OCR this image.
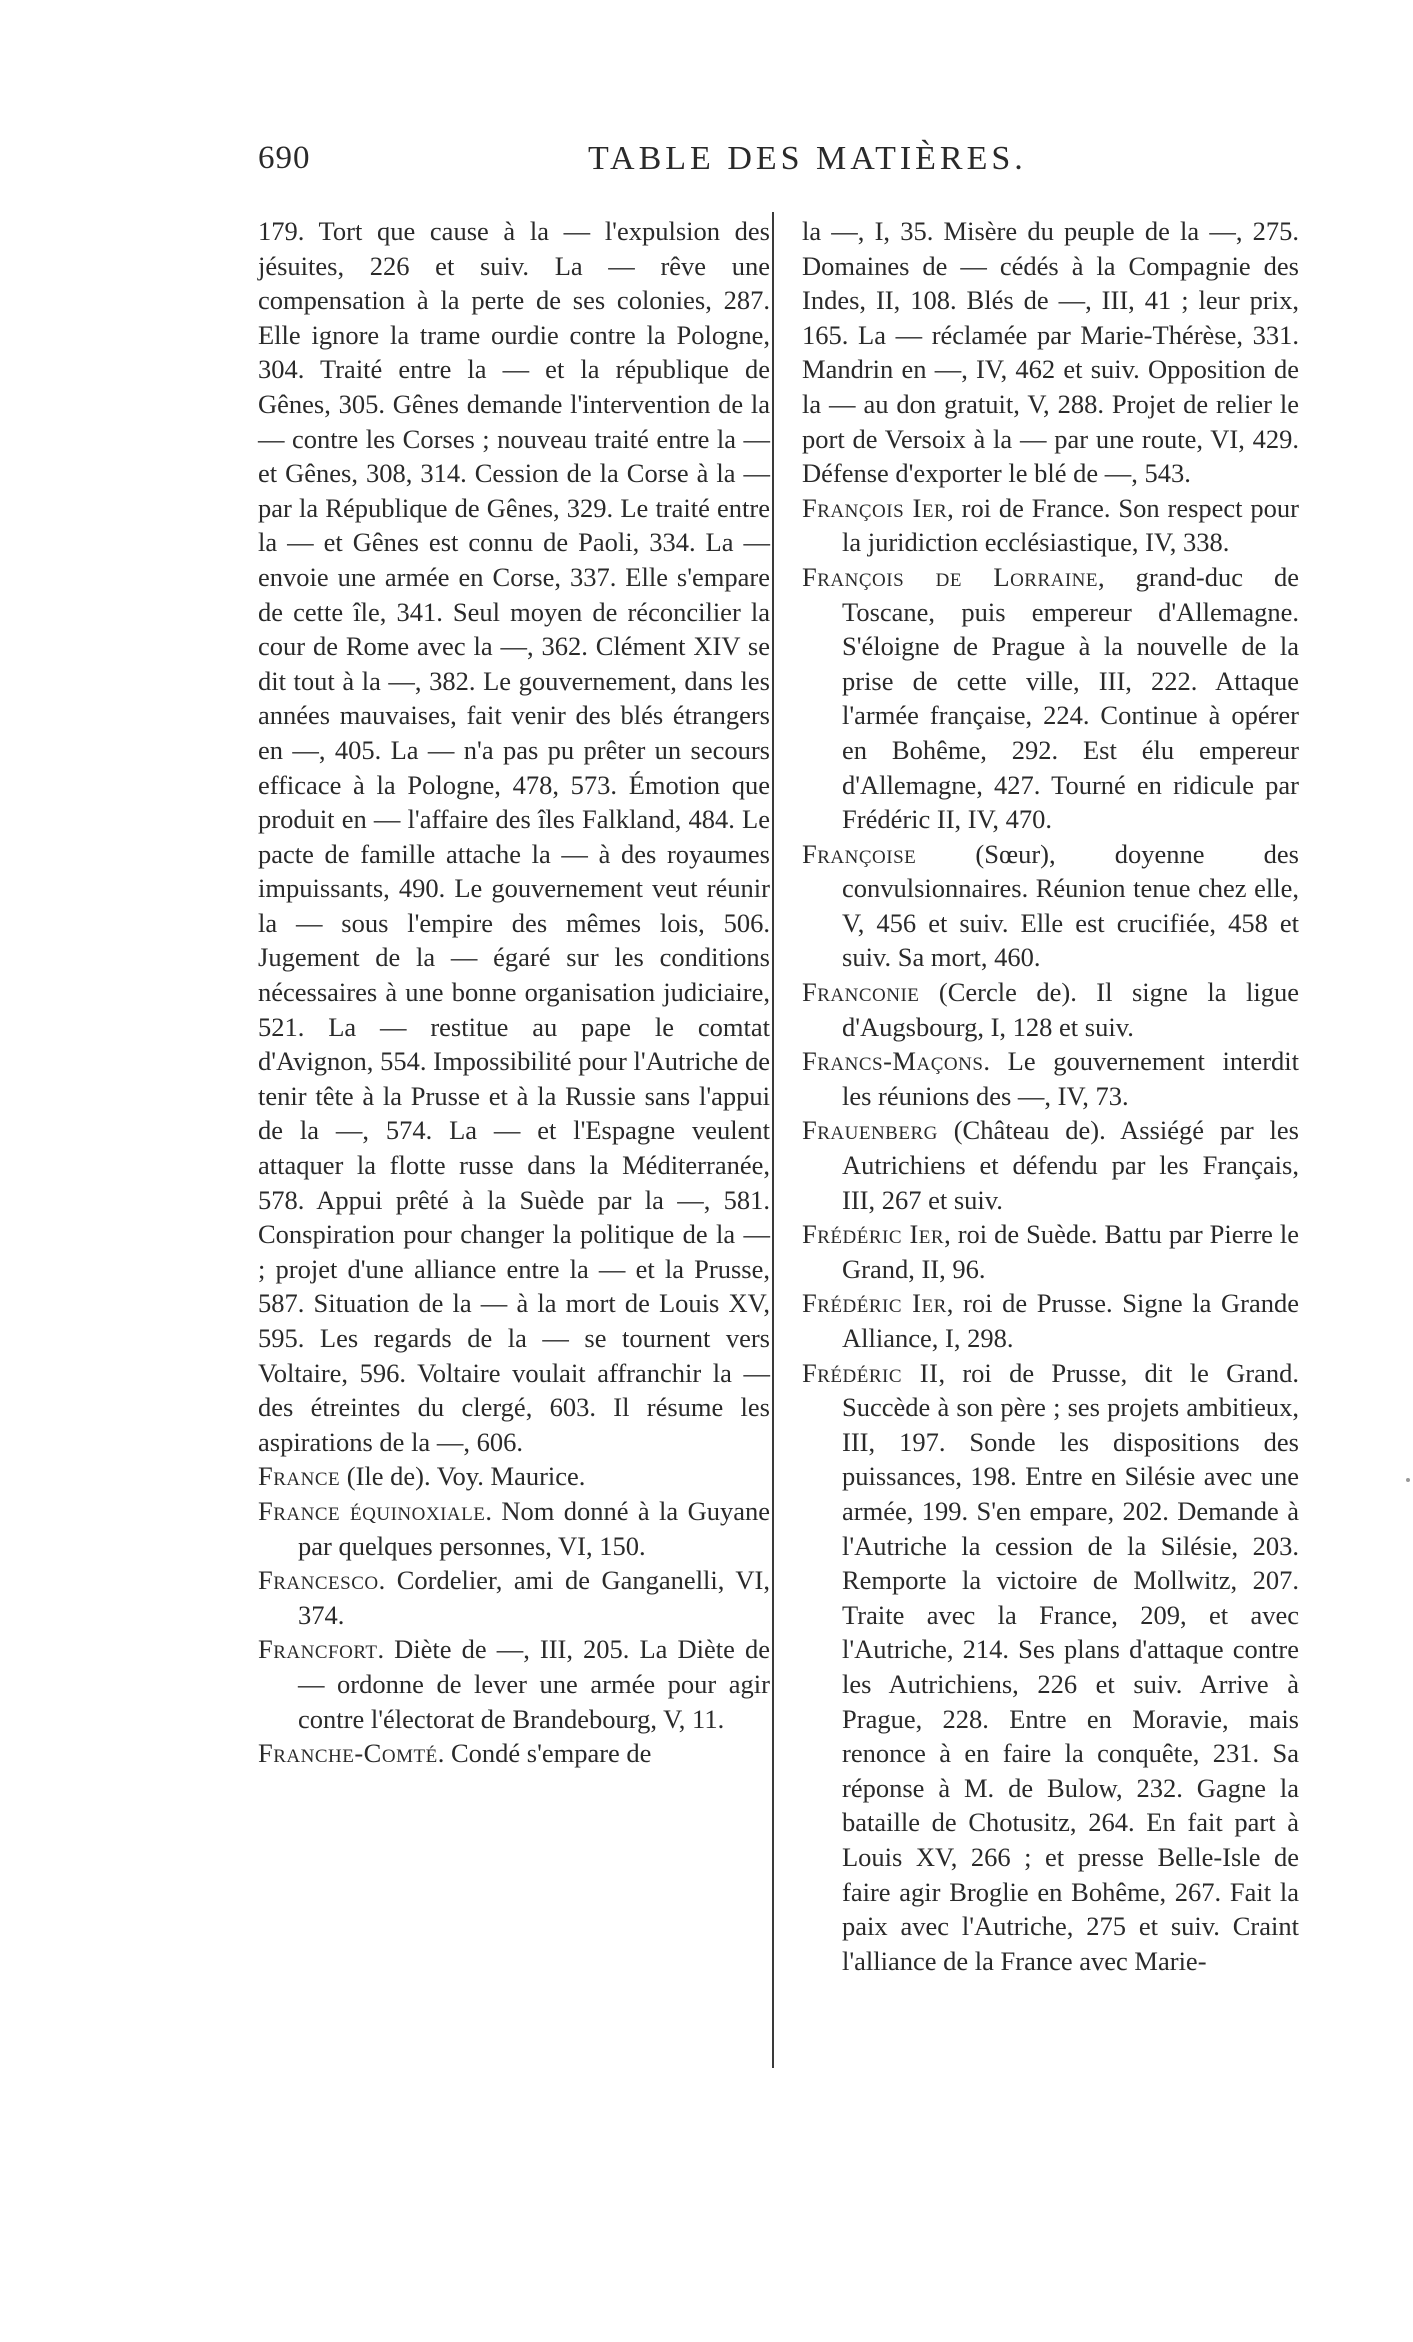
690	TABLE DES MATIÈRES.

179. Tort que cause à la — l'expulsion des jésuites, 226 et suiv. La — rêve une compensation à la perte de ses colonies, 287. Elle ignore la trame ourdie contre la Pologne, 304. Traité entre la — et la république de Gênes, 305. Gênes demande l'intervention de la — contre les Corses ; nouveau traité entre la — et Gênes, 308, 314. Cession de la Corse à la — par la République de Gênes, 329. Le traité entre la — et Gênes est connu de Paoli, 334. La — envoie une armée en Corse, 337. Elle s'empare de cette île, 341. Seul moyen de réconcilier la cour de Rome avec la —, 362. Clément XIV se dit tout à la —, 382. Le gouvernement, dans les années mauvaises, fait venir des blés étrangers en —, 405. La — n'a pas pu prêter un secours efficace à la Pologne, 478, 573. Émotion que produit en — l'affaire des îles Falkland, 484. Le pacte de famille attache la — à des royaumes impuissants, 490. Le gouvernement veut réunir la — sous l'empire des mêmes lois, 506. Jugement de la — égaré sur les conditions nécessaires à une bonne organisation judiciaire, 521. La — restitue au pape le comtat d'Avignon, 554. Impossibilité pour l'Autriche de tenir tête à la Prusse et à la Russie sans l'appui de la —, 574. La — et l'Espagne veulent attaquer la flotte russe dans la Méditerranée, 578. Appui prêté à la Suède par la —, 581. Conspiration pour changer la politique de la — ; projet d'une alliance entre la — et la Prusse, 587. Situation de la — à la mort de Louis XV, 595. Les regards de la — se tournent vers Voltaire, 596. Voltaire voulait affranchir la — des étreintes du clergé, 603. Il résume les aspirations de la —, 606.

France (Ile de). Voy. Maurice.

France équinoxiale. Nom donné à la Guyane par quelques personnes, VI, 150.

Francesco. Cordelier, ami de Ganganelli, VI, 374.

Francfort. Diète de —, III, 205. La Diète de — ordonne de lever une armée pour agir contre l'électorat de Brandebourg, V, 11.

Franche-Comté. Condé s'empare de

la —, I, 35. Misère du peuple de la —, 275. Domaines de — cédés à la Compagnie des Indes, II, 108. Blés de —, III, 41 ; leur prix, 165. La — réclamée par Marie-Thérèse, 331. Mandrin en —, IV, 462 et suiv. Opposition de la — au don gratuit, V, 288. Projet de relier le port de Versoix à la — par une route, VI, 429. Défense d'exporter le blé de —, 543.

François Ier, roi de France. Son respect pour la juridiction ecclésiastique, IV, 338.

François de Lorraine, grand-duc de Toscane, puis empereur d'Allemagne. S'éloigne de Prague à la nouvelle de la prise de cette ville, III, 222. Attaque l'armée française, 224. Continue à opérer en Bohême, 292. Est élu empereur d'Allemagne, 427. Tourné en ridicule par Frédéric II, IV, 470.

Françoise (Sœur), doyenne des convulsionnaires. Réunion tenue chez elle, V, 456 et suiv. Elle est crucifiée, 458 et suiv. Sa mort, 460.

Franconie (Cercle de). Il signe la ligue d'Augsbourg, I, 128 et suiv.

Francs-Maçons. Le gouvernement interdit les réunions des —, IV, 73.

Frauenberg (Château de). Assiégé par les Autrichiens et défendu par les Français, III, 267 et suiv.

Frédéric Ier, roi de Suède. Battu par Pierre le Grand, II, 96.

Frédéric Ier, roi de Prusse. Signe la Grande Alliance, I, 298.

Frédéric II, roi de Prusse, dit le Grand. Succède à son père ; ses projets ambitieux, III, 197. Sonde les dispositions des puissances, 198. Entre en Silésie avec une armée, 199. S'en empare, 202. Demande à l'Autriche la cession de la Silésie, 203. Remporte la victoire de Mollwitz, 207. Traite avec la France, 209, et avec l'Autriche, 214. Ses plans d'attaque contre les Autrichiens, 226 et suiv. Arrive à Prague, 228. Entre en Moravie, mais renonce à en faire la conquête, 231. Sa réponse à M. de Bulow, 232. Gagne la bataille de Chotusitz, 264. En fait part à Louis XV, 266 ; et presse Belle-Isle de faire agir Broglie en Bohême, 267. Fait la paix avec l'Autriche, 275 et suiv. Craint l'alliance de la France avec Marie-
